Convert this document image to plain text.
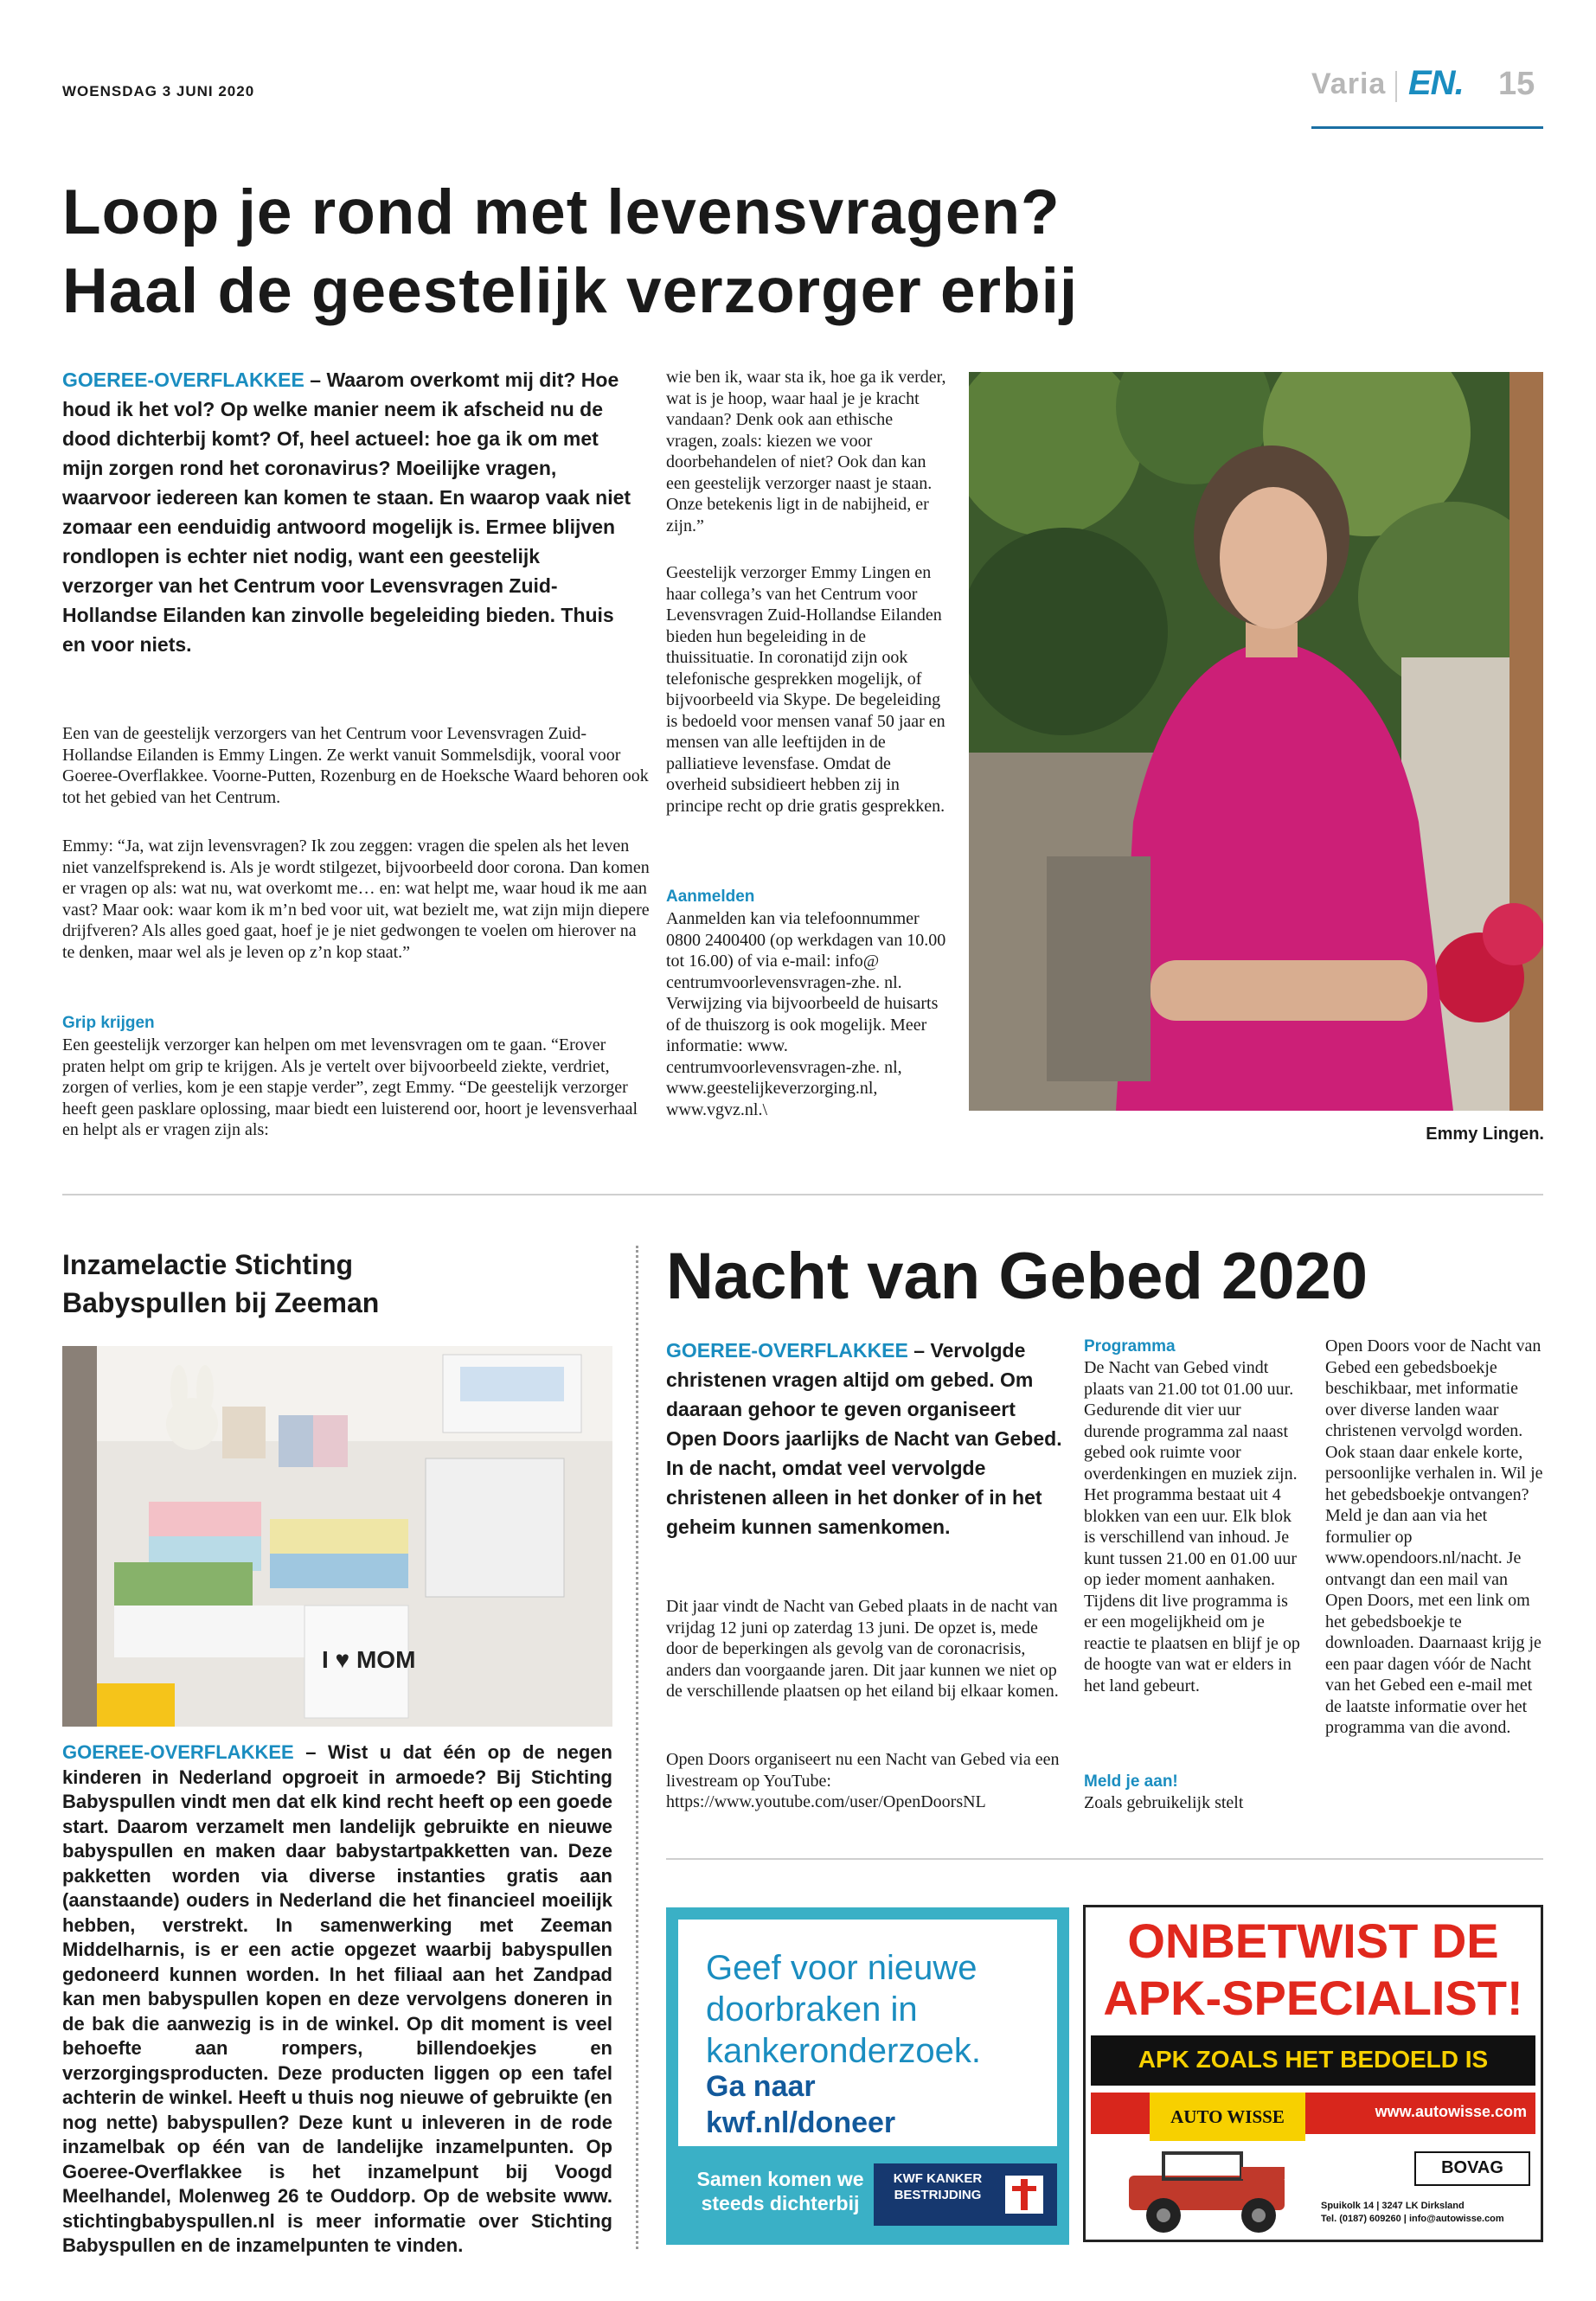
WOENSDAG 3 JUNI 2020	Varia EN. 15
Loop je rond met levensvragen?
Haal de geestelijk verzorger erbij
GOEREE-OVERFLAKKEE – Waarom overkomt mij dit? Hoe houd ik het vol? Op welke manier neem ik afscheid nu de dood dichterbij komt? Of, heel actueel: hoe ga ik om met mijn zorgen rond het coronavirus? Moeilijke vragen, waarvoor iedereen kan komen te staan. En waarop vaak niet zomaar een eenduidig antwoord mogelijk is. Ermee blijven rondlopen is echter niet nodig, want een geestelijk verzorger van het Centrum voor Levensvragen Zuid-Hollandse Eilanden kan zinvolle begeleiding bieden. Thuis en voor niets.
Een van de geestelijk verzorgers van het Centrum voor Levensvragen Zuid-Hollandse Eilanden is Emmy Lingen. Ze werkt vanuit Sommelsdijk, vooral voor Goeree-Overflakkee. Voorne-Putten, Rozenburg en de Hoeksche Waard behoren ook tot het gebied van het Centrum.
Emmy: “Ja, wat zijn levensvragen? Ik zou zeggen: vragen die spelen als het leven niet vanzelfsprekend is. Als je wordt stilgezet, bijvoorbeeld door corona. Dan komen er vragen op als: wat nu, wat overkomt me… en: wat helpt me, waar houd ik me aan vast? Maar ook: waar kom ik m’n bed voor uit, wat bezielt me, wat zijn mijn diepere drijfveren? Als alles goed gaat, hoef je je niet gedwongen te voelen om hierover na te denken, maar wel als je leven op z’n kop staat.”
Grip krijgen
Een geestelijk verzorger kan helpen om met levensvragen om te gaan. “Erover praten helpt om grip te krijgen. Als je vertelt over bijvoorbeeld ziekte, verdriet, zorgen of verlies, kom je een stapje verder”, zegt Emmy. “De geestelijk verzorger heeft geen pasklare oplossing, maar biedt een luisterend oor, hoort je levensverhaal en helpt als er vragen zijn als:
wie ben ik, waar sta ik, hoe ga ik verder, wat is je hoop, waar haal je je kracht vandaan? Denk ook aan ethische vragen, zoals: kiezen we voor doorbehandelen of niet? Ook dan kan een geestelijk verzorger naast je staan. Onze betekenis ligt in de nabijheid, er zijn.”
Geestelijk verzorger Emmy Lingen en haar collega’s van het Centrum voor Levensvragen Zuid-Hollandse Eilanden bieden hun begeleiding in de thuissituatie. In coronatijd zijn ook telefonische gesprekken mogelijk, of bijvoorbeeld via Skype. De begeleiding is bedoeld voor mensen vanaf 50 jaar en mensen van alle leeftijden in de palliatieve levensfase. Omdat de overheid subsidieert hebben zij in principe recht op drie gratis gesprekken.
Aanmelden
Aanmelden kan via telefoonnummer 0800 2400400 (op werkdagen van 10.00 tot 16.00) of via e-mail: info@ centrumvoorlevensvragen-zhe. nl. Verwijzing via bijvoorbeeld de huisarts of de thuiszorg is ook mogelijk. Meer informatie: www. centrumvoorlevensvragen-zhe. nl, www.geestelijkeverzorging.nl, www.vgvz.nl.\
Emmy Lingen.
Inzamelactie Stichting
Babyspullen bij Zeeman
I ♥ MOM
GOEREE-OVERFLAKKEE – Wist u dat één op de negen kinderen in Nederland opgroeit in armoede? Bij Stichting Babyspullen vindt men dat elk kind recht heeft op een goede start. Daarom verzamelt men landelijk gebruikte en nieuwe babyspullen en maken daar babystartpakketten van. Deze pakketten worden via diverse instanties gratis aan (aanstaande) ouders in Nederland die het financieel moeilijk hebben, verstrekt. In samenwerking met Zeeman Middelharnis, is er een actie opgezet waarbij babyspullen gedoneerd kunnen worden. In het filiaal aan het Zandpad kan men babyspullen kopen en deze vervolgens doneren in de bak die aanwezig is in de winkel. Op dit moment is veel behoefte aan rompers, billendoekjes en verzorgingsproducten. Deze producten liggen op een tafel achterin de winkel. Heeft u thuis nog nieuwe of gebruikte (en nog nette) babyspullen? Deze kunt u inleveren in de rode inzamelbak op één van de landelijke inzamelpunten. Op Goeree-Overflakkee is het inzamelpunt bij Voogd Meelhandel, Molenweg 26 te Ouddorp. Op de website www. stichtingbabyspullen.nl is meer informatie over Stichting Babyspullen en de inzamelpunten te vinden.
Nacht van Gebed 2020
GOEREE-OVERFLAKKEE – Vervolgde christenen vragen altijd om gebed. Om daaraan gehoor te geven organiseert Open Doors jaarlijks de Nacht van Gebed. In de nacht, omdat veel vervolgde christenen alleen in het donker of in het geheim kunnen samenkomen.
Dit jaar vindt de Nacht van Gebed plaats in de nacht van vrijdag 12 juni op zaterdag 13 juni. De opzet is, mede door de beperkingen als gevolg van de coronacrisis, anders dan voorgaande jaren. Dit jaar kunnen we niet op de verschillende plaatsen op het eiland bij elkaar komen.
Open Doors organiseert nu een Nacht van Gebed via een livestream op YouTube: https://www.youtube.com/user/OpenDoorsNL
Programma
De Nacht van Gebed vindt plaats van 21.00 tot 01.00 uur. Gedurende dit vier uur durende programma zal naast gebed ook ruimte voor overdenkingen en muziek zijn. Het programma bestaat uit 4 blokken van een uur. Elk blok is verschillend van inhoud. Je kunt tussen 21.00 en 01.00 uur op ieder moment aanhaken. Tijdens dit live programma is er een mogelijkheid om je reactie te plaatsen en blijf je op de hoogte van wat er elders in het land gebeurt.
Meld je aan!
Zoals gebruikelijk stelt
Open Doors voor de Nacht van Gebed een gebedsboekje beschikbaar, met informatie over diverse landen waar christenen vervolgd worden. Ook staan daar enkele korte, persoonlijke verhalen in. Wil je het gebedsboekje ontvangen? Meld je dan aan via het formulier op www.opendoors.nl/nacht. Je ontvangt dan een mail van Open Doors, met een link om het gebedsboekje te downloaden. Daarnaast krijg je een paar dagen vóór de Nacht van het Gebed een e-mail met de laatste informatie over het programma van die avond.
Geef voor nieuwe doorbraken in kankeronderzoek.
Ga naar
kwf.nl/doneer
Samen komen we steeds dichterbij
KWF KANKER BESTRIJDING
ONBETWIST DE
APK-SPECIALIST!
APK ZOALS HET BEDOELD IS
AUTO WISSE	www.autowisse.com
BOVAG
Spuikolk 14 | 3247 LK Dirksland
Tel. (0187) 609260 | info@autowisse.com
